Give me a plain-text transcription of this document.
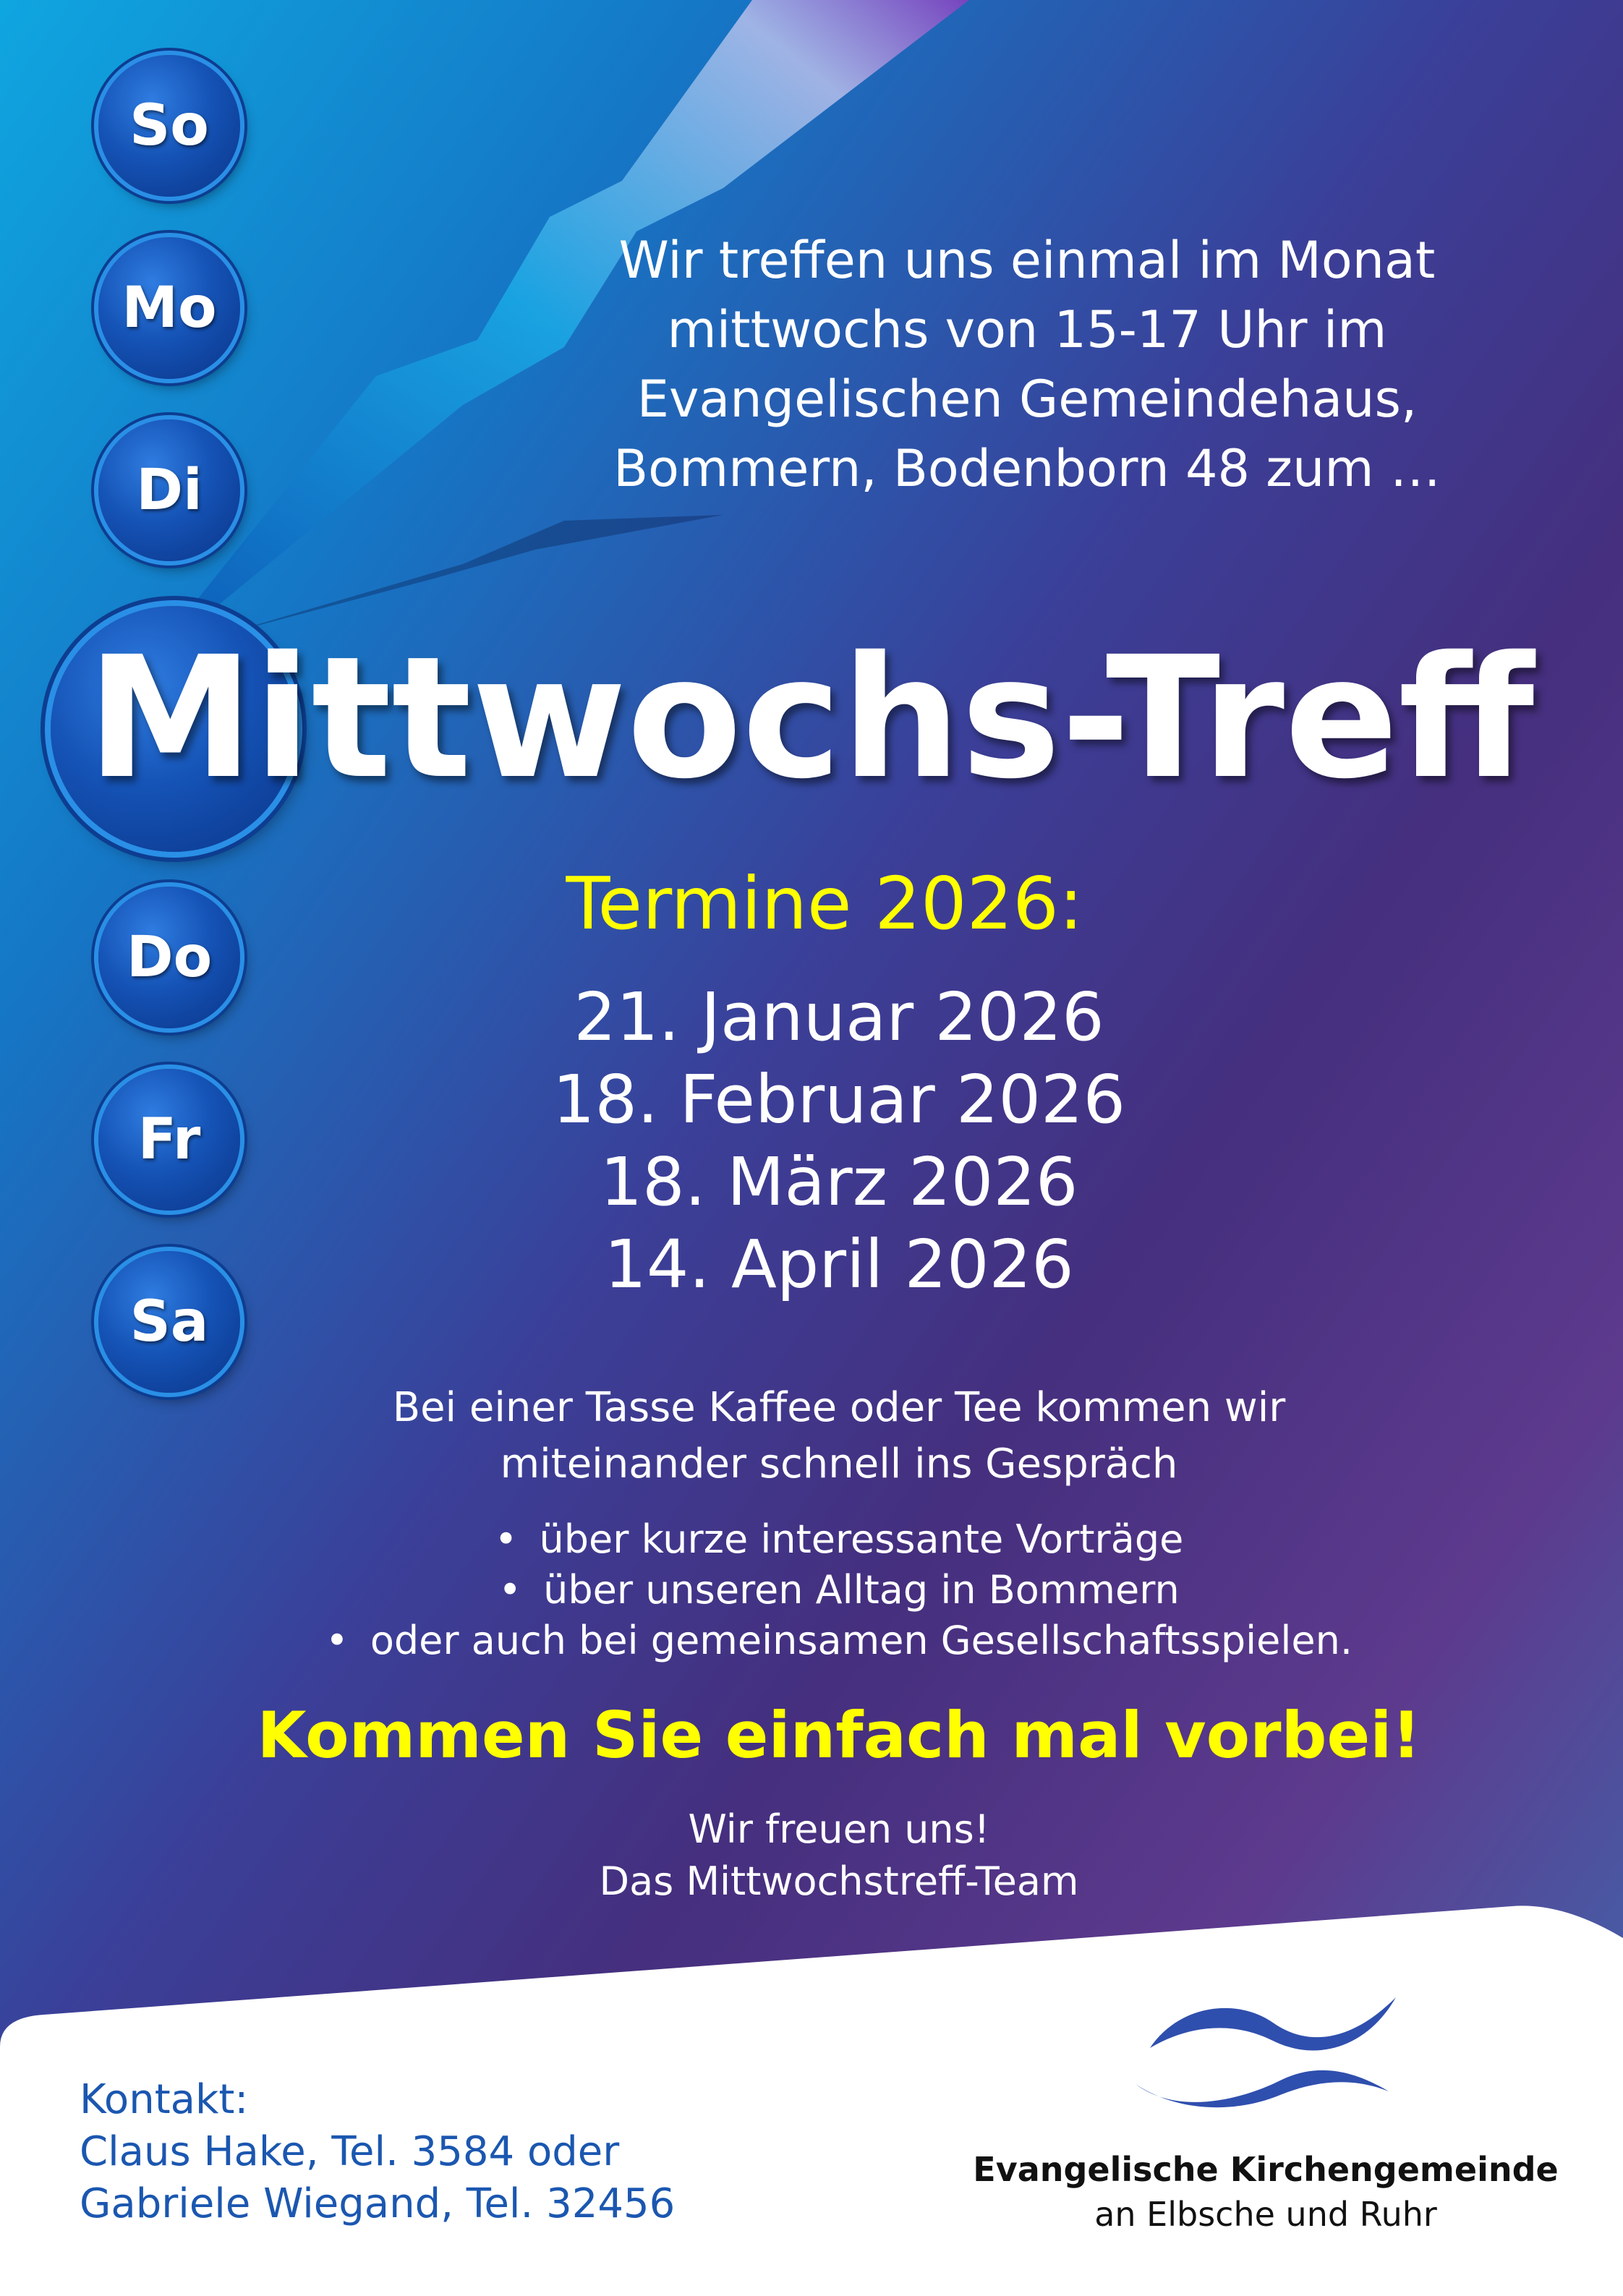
So
Mo
Di
Do
Fr
Sa
Wir treffen uns einmal im Monat
mittwochs von 15-17 Uhr im
Evangelischen Gemeindehaus,
Bommern, Bodenborn 48 zum …
Mittwochs-Treff
Termine 2026:
21. Januar 2026
18. Februar 2026
18. März 2026
14. April 2026
Bei einer Tasse Kaffee oder Tee kommen wir
miteinander schnell ins Gespräch
• über kurze interessante Vorträge
• über unseren Alltag in Bommern
• oder auch bei gemeinsamen Gesellschaftsspielen.
Kommen Sie einfach mal vorbei!
Wir freuen uns!
Das Mittwochstreff-Team
Kontakt:
Claus Hake, Tel. 3584 oder
Gabriele Wiegand, Tel. 32456
Evangelische Kirchengemeinde
an Elbsche und Ruhr
